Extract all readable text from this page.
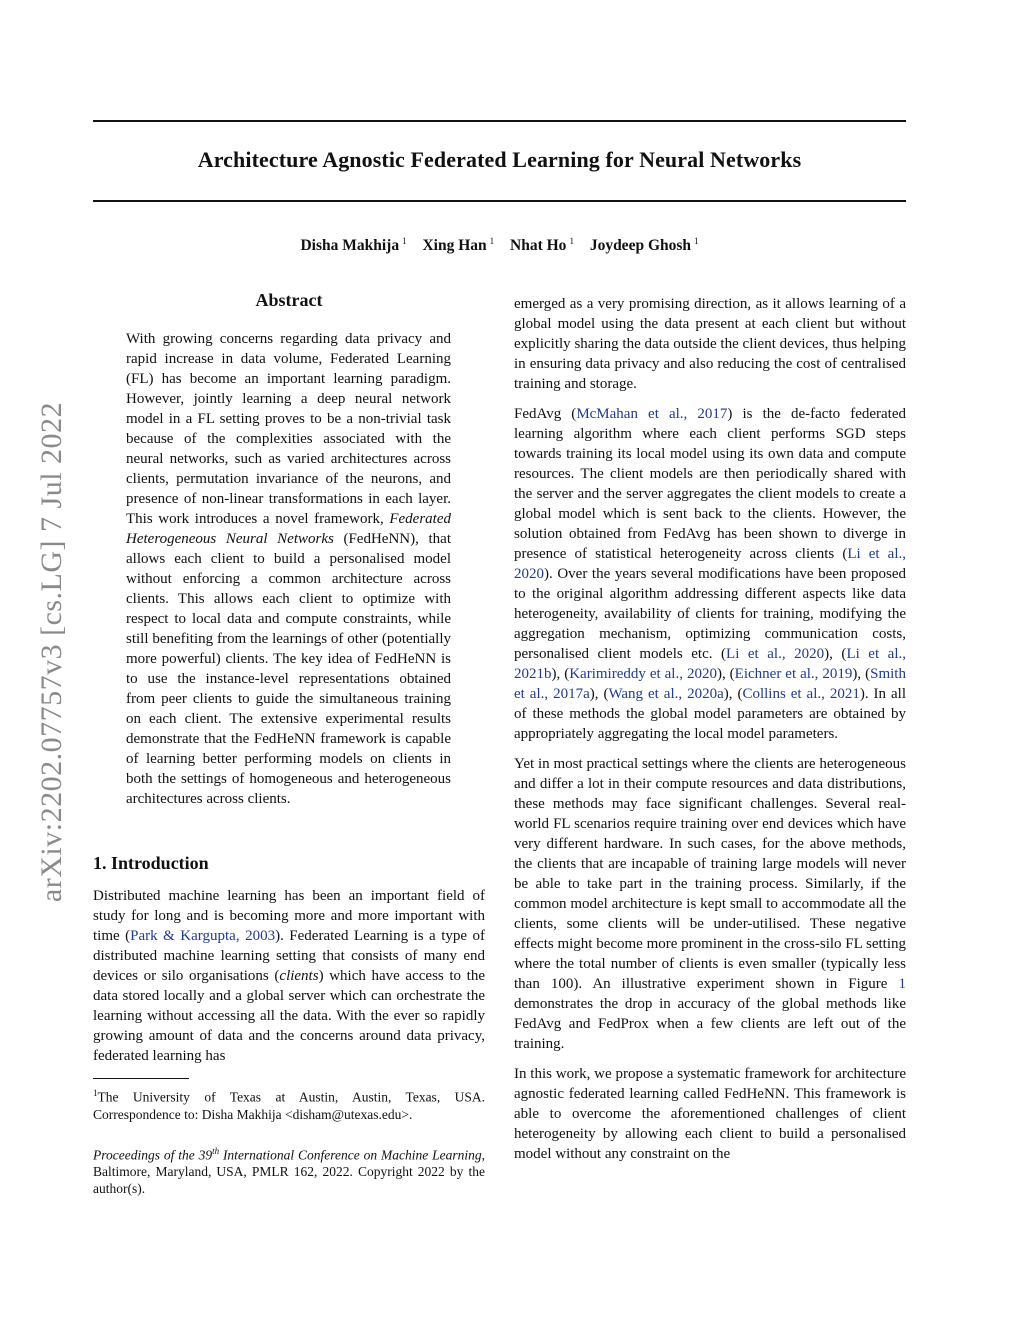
Architecture Agnostic Federated Learning for Neural Networks
Disha Makhija $^1$ Xing Han $^1$ Nhat Ho $^1$ Joydeep Ghosh $^1$
arXiv:2202.07757v3 [cs.LG] 7 Jul 2022
Abstract

With growing concerns regarding data privacy and rapid increase in data volume, Federated Learning (FL) has become an important learning paradigm. However, jointly learning a deep neural network model in a FL setting proves to be a non-trivial task because of the complexities associated with the neural networks, such as varied architectures across clients, permutation invariance of the neurons, and presence of non-linear transformations in each layer. This work introduces a novel framework, Federated Heterogeneous Neural Networks (FedHeNN), that allows each client to build a personalised model without enforcing a common architecture across clients. This allows each client to optimize with respect to local data and compute constraints, while still benefiting from the learnings of other (potentially more powerful) clients. The key idea of FedHeNN is to use the instance-level representations obtained from peer clients to guide the simultaneous training on each client. The extensive experimental results demonstrate that the FedHeNN framework is capable of learning better performing models on clients in both the settings of homogeneous and heterogeneous architectures across clients.

1. Introduction

Distributed machine learning has been an important field of study for long and is becoming more and more important with time (Park & Kargupta, 2003). Federated Learning is a type of distributed machine learning setting that consists of many end devices or silo organisations (clients) which have access to the data stored locally and a global server which can orchestrate the learning without accessing all the data. With the ever so rapidly growing amount of data and the concerns around data privacy, federated learning has

$^1$The University of Texas at Austin, Austin, Texas, USA. Correspondence to: Disha Makhija <disham@utexas.edu>.

Proceedings of the 39th International Conference on Machine Learning, Baltimore, Maryland, USA, PMLR 162, 2022. Copyright 2022 by the author(s).

emerged as a very promising direction, as it allows learning of a global model using the data present at each client but without explicitly sharing the data outside the client devices, thus helping in ensuring data privacy and also reducing the cost of centralised training and storage.

FedAvg (McMahan et al., 2017) is the de-facto federated learning algorithm where each client performs SGD steps towards training its local model using its own data and compute resources. The client models are then periodically shared with the server and the server aggregates the client models to create a global model which is sent back to the clients. However, the solution obtained from FedAvg has been shown to diverge in presence of statistical heterogeneity across clients (Li et al., 2020). Over the years several modifications have been proposed to the original algorithm addressing different aspects like data heterogeneity, availability of clients for training, modifying the aggregation mechanism, optimizing communication costs, personalised client models etc. (Li et al., 2020), (Li et al., 2021b), (Karimireddy et al., 2020), (Eichner et al., 2019), (Smith et al., 2017a), (Wang et al., 2020a), (Collins et al., 2021). In all of these methods the global model parameters are obtained by appropriately aggregating the local model parameters.

Yet in most practical settings where the clients are heterogeneous and differ a lot in their compute resources and data distributions, these methods may face significant challenges. Several real-world FL scenarios require training over end devices which have very different hardware. In such cases, for the above methods, the clients that are incapable of training large models will never be able to take part in the training process. Similarly, if the common model architecture is kept small to accommodate all the clients, some clients will be under-utilised. These negative effects might become more prominent in the cross-silo FL setting where the total number of clients is even smaller (typically less than 100). An illustrative experiment shown in Figure 1 demonstrates the drop in accuracy of the global methods like FedAvg and FedProx when a few clients are left out of the training.

In this work, we propose a systematic framework for architecture agnostic federated learning called FedHeNN. This framework is able to overcome the aforementioned challenges of client heterogeneity by allowing each client to build a personalised model without any constraint on the
